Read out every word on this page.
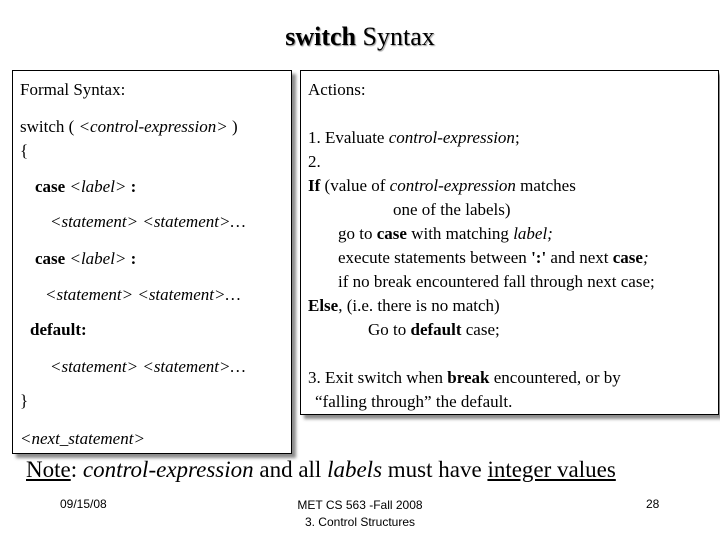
switch Syntax
Formal Syntax:
switch ( <control-expression> )
{
case <label> :
<statement> <statement>…
case <label> :
<statement> <statement>…
default:
<statement> <statement>…
}
<next_statement>
Actions:
1. Evaluate control-expression;
2.
If (value of control-expression matches
one of the labels)
go to case with matching label;
execute statements between ':' and next case;
if no break encountered fall through next case;
Else, (i.e. there is no match)
Go to default case;
3. Exit switch when break encountered, or by
“falling through” the default.
Note: control-expression and all labels must have integer values
09/15/08	MET CS 563 -Fall 2008
3. Control Structures
28
